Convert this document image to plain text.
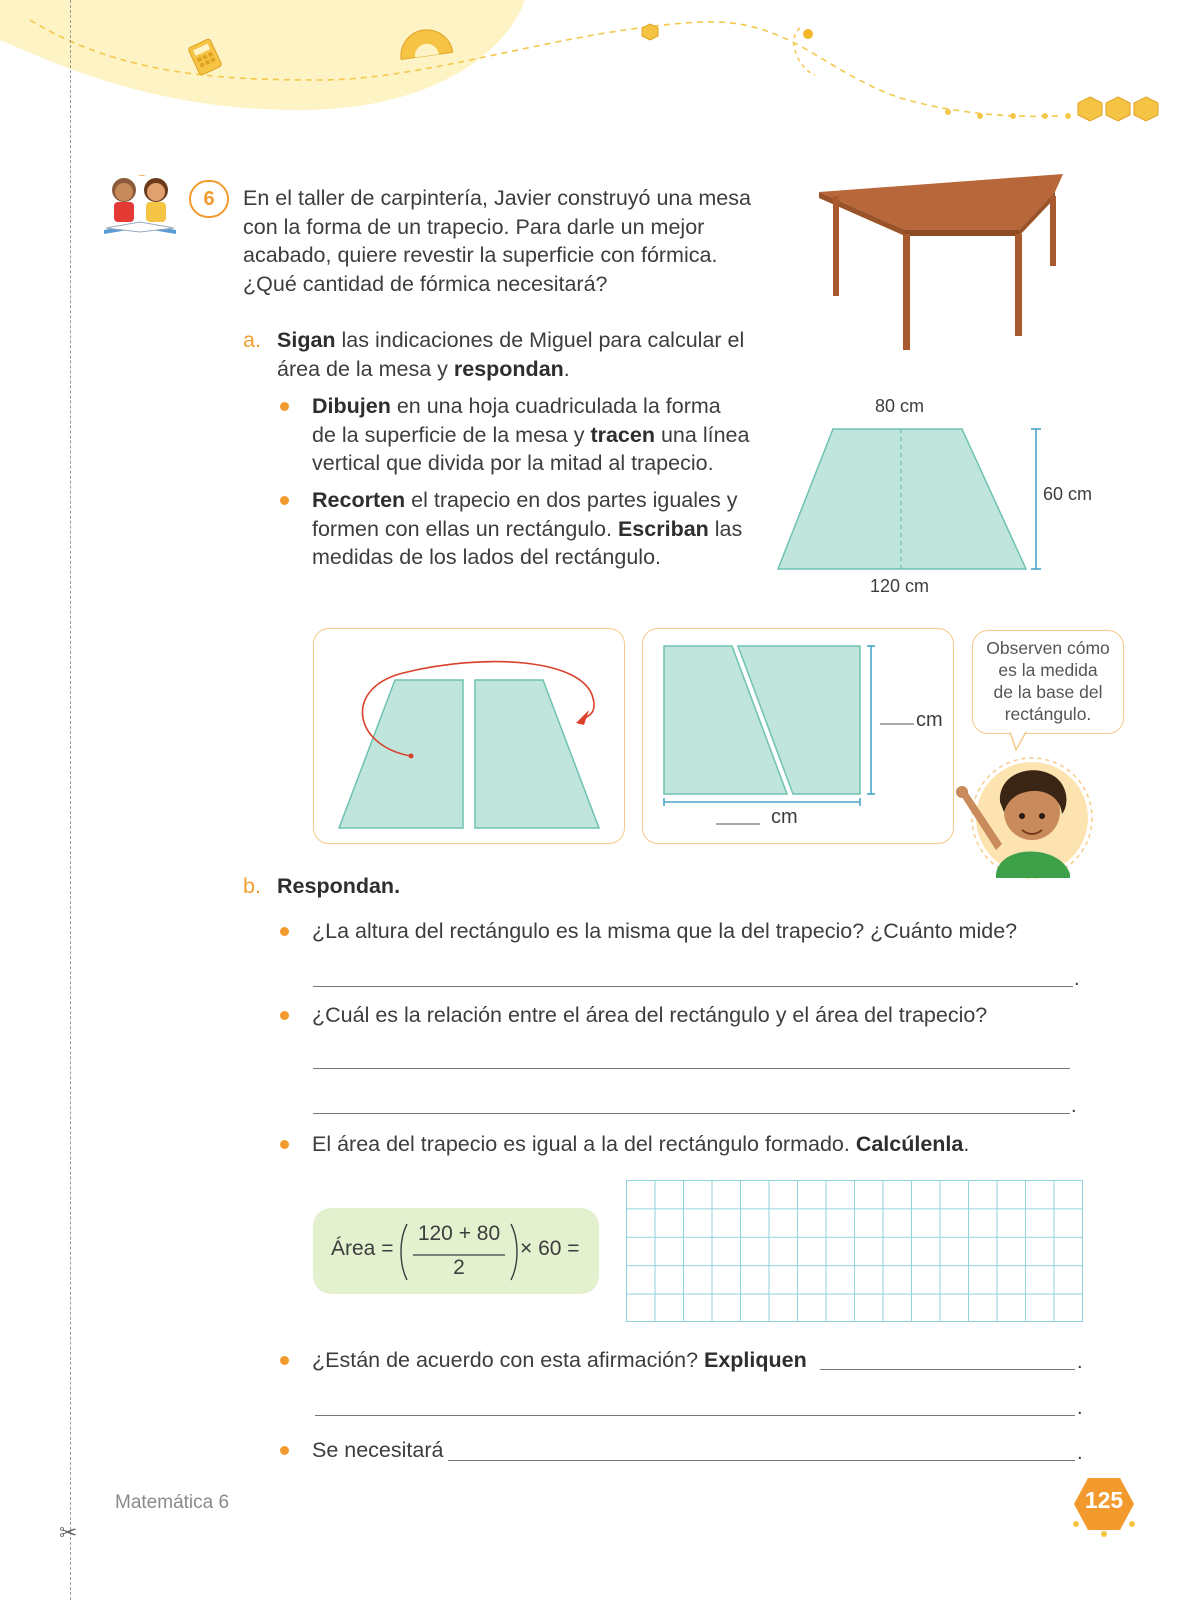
✂
6	En el taller de carpintería, Javier construyó una mesa
con la forma de un trapecio. Para darle un mejor
acabado, quiere revestir la superficie con fórmica.
¿Qué cantidad de fórmica necesitará?
a. Sigan las indicaciones de Miguel para calcular el
área de la mesa y respondan.
Dibujen en una hoja cuadriculada la forma
de la superficie de la mesa y tracen una línea
vertical que divida por la mitad al trapecio.
Recorten el trapecio en dos partes iguales y
formen con ellas un rectángulo. Escriban las
medidas de los lados del rectángulo.
80 cm
60 cm
120 cm
cm
cm
Observen cómo
es la medida
de la base del
rectángulo.
b. Respondan.
¿La altura del rectángulo es la misma que la del trapecio? ¿Cuánto mide?
.
¿Cuál es la relación entre el área del rectángulo y el área del trapecio?
.
El área del trapecio es igual a la del rectángulo formado. Calcúlenla.
Área =
120 + 80
2
× 60 =
¿Están de acuerdo con esta afirmación? Expliquen	.
.
Se necesitará	.
Matemática 6	125
